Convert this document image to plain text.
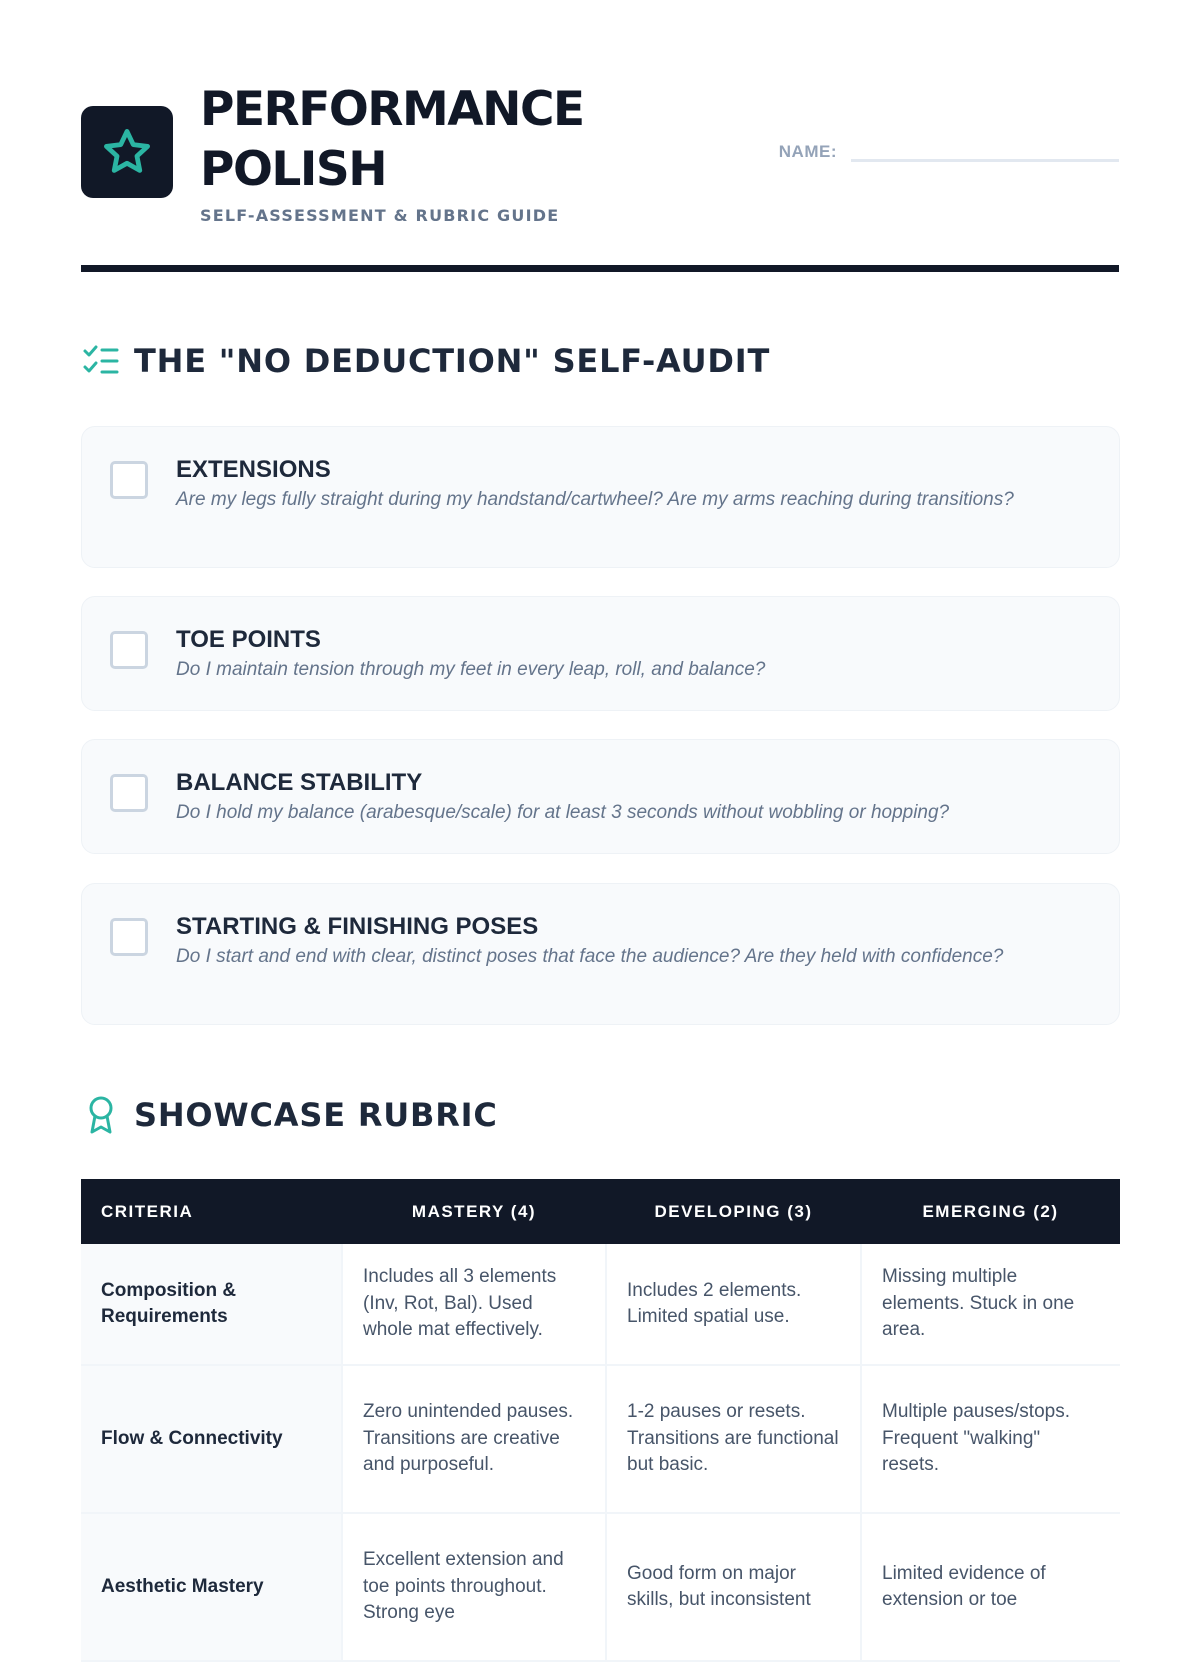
PERFORMANCE POLISH
SELF-ASSESSMENT & RUBRIC GUIDE
NAME:
THE "NO DEDUCTION" SELF-AUDIT
EXTENSIONS
Are my legs fully straight during my handstand/cartwheel? Are my arms reaching during transitions?
TOE POINTS
Do I maintain tension through my feet in every leap, roll, and balance?
BALANCE STABILITY
Do I hold my balance (arabesque/scale) for at least 3 seconds without wobbling or hopping?
STARTING & FINISHING POSES
Do I start and end with clear, distinct poses that face the audience? Are they held with confidence?
SHOWCASE RUBRIC
CRITERIA	MASTERY (4)	DEVELOPING (3)	EMERGING (2)
Composition & Requirements	Includes all 3 elements (Inv, Rot, Bal). Used whole mat effectively.	Includes 2 elements. Limited spatial use.	Missing multiple elements. Stuck in one area.
Flow & Connectivity	Zero unintended pauses. Transitions are creative and purposeful.	1-2 pauses or resets. Transitions are functional but basic.	Multiple pauses/stops. Frequent "walking" resets.
Aesthetic Mastery	Excellent extension and toe points throughout. Strong eye	Good form on major skills, but inconsistent	Limited evidence of extension or toe
